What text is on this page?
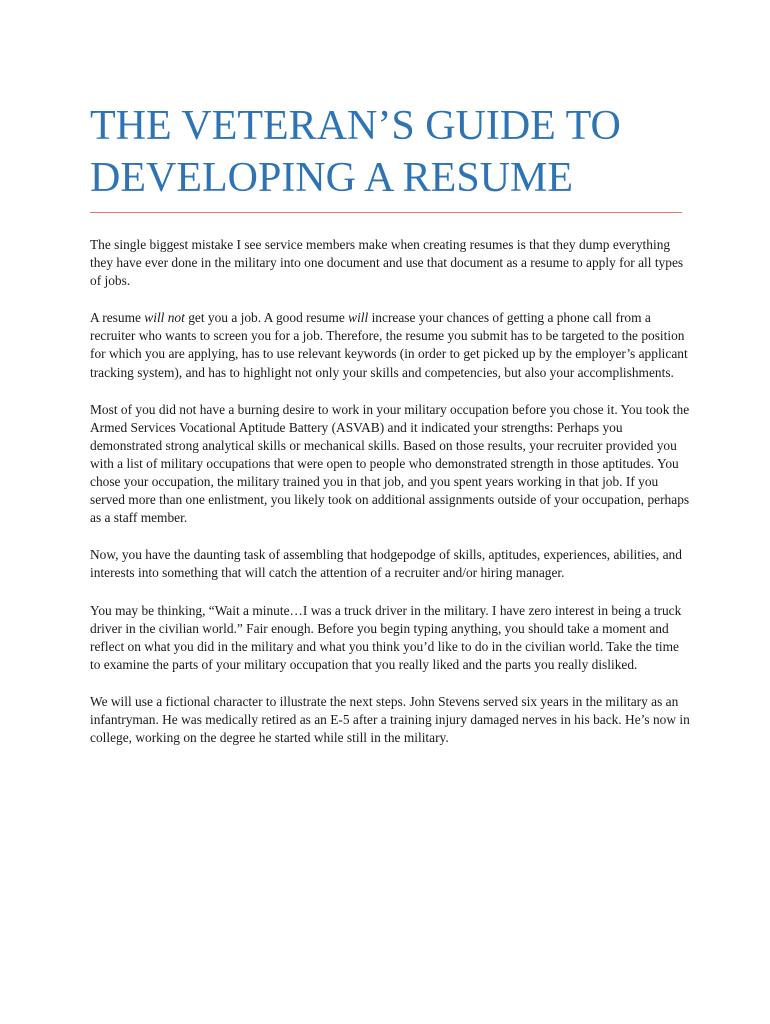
THE VETERAN’S GUIDE TO
DEVELOPING A RESUME

The single biggest mistake I see service members make when creating resumes is that they dump everything they have ever done in the military into one document and use that document as a resume to apply for all types of jobs.

A resume will not get you a job. A good resume will increase your chances of getting a phone call from a recruiter who wants to screen you for a job. Therefore, the resume you submit has to be targeted to the position for which you are applying, has to use relevant keywords (in order to get picked up by the employer’s applicant tracking system), and has to highlight not only your skills and competencies, but also your accomplishments.

Most of you did not have a burning desire to work in your military occupation before you chose it. You took the Armed Services Vocational Aptitude Battery (ASVAB) and it indicated your strengths: Perhaps you demonstrated strong analytical skills or mechanical skills. Based on those results, your recruiter provided you with a list of military occupations that were open to people who demonstrated strength in those aptitudes. You chose your occupation, the military trained you in that job, and you spent years working in that job. If you served more than one enlistment, you likely took on additional assignments outside of your occupation, perhaps as a staff member.

Now, you have the daunting task of assembling that hodgepodge of skills, aptitudes, experiences, abilities, and interests into something that will catch the attention of a recruiter and/or hiring manager.

You may be thinking, “Wait a minute…I was a truck driver in the military. I have zero interest in being a truck driver in the civilian world.” Fair enough. Before you begin typing anything, you should take a moment and reflect on what you did in the military and what you think you’d like to do in the civilian world. Take the time to examine the parts of your military occupation that you really liked and the parts you really disliked.

We will use a fictional character to illustrate the next steps. John Stevens served six years in the military as an infantryman. He was medically retired as an E-5 after a training injury damaged nerves in his back. He’s now in college, working on the degree he started while still in the military.
